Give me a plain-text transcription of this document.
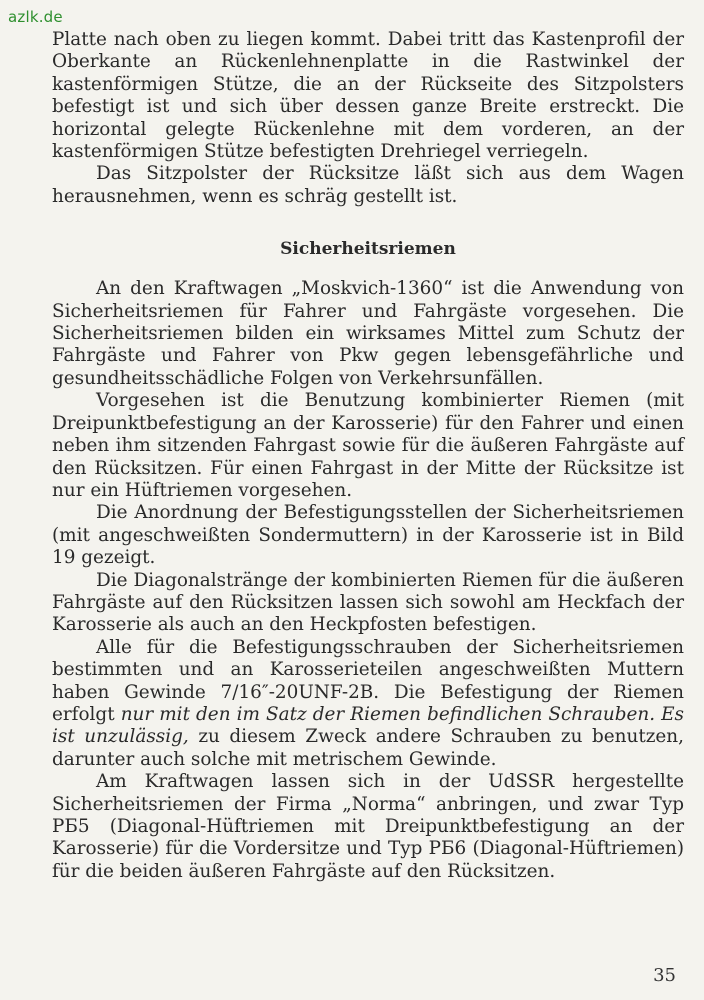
azlk.de

Platte nach oben zu liegen kommt. Dabei tritt das Kastenprofil der Oberkante an Rückenlehnenplatte in die Rastwinkel der kastenförmigen Stütze, die an der Rückseite des Sitzpolsters befestigt ist und sich über dessen ganze Breite erstreckt. Die horizontal gelegte Rückenlehne mit dem vorderen, an der kastenförmigen Stütze befestigten Drehriegel verriegeln.

Das Sitzpolster der Rücksitze läßt sich aus dem Wagen herausnehmen, wenn es schräg gestellt ist.

Sicherheitsriemen

An den Kraftwagen „Moskvich-1360“ ist die Anwendung von Sicherheitsriemen für Fahrer und Fahrgäste vorgesehen. Die Sicherheitsriemen bilden ein wirksames Mittel zum Schutz der Fahrgäste und Fahrer von Pkw gegen lebensgefährliche und gesundheitsschädliche Folgen von Verkehrsunfällen.

Vorgesehen ist die Benutzung kombinierter Riemen (mit Dreipunktbefestigung an der Karosserie) für den Fahrer und einen neben ihm sitzenden Fahrgast sowie für die äußeren Fahrgäste auf den Rücksitzen. Für einen Fahrgast in der Mitte der Rücksitze ist nur ein Hüftriemen vorgesehen.

Die Anordnung der Befestigungsstellen der Sicherheitsriemen (mit angeschweißten Sondermuttern) in der Karosserie ist in Bild 19 gezeigt.

Die Diagonalstränge der kombinierten Riemen für die äußeren Fahrgäste auf den Rücksitzen lassen sich sowohl am Heckfach der Karosserie als auch an den Heckpfosten befestigen.

Alle für die Befestigungsschrauben der Sicherheitsriemen bestimmten und an Karosserieteilen angeschweißten Muttern haben Gewinde 7/16″-20UNF-2B. Die Befestigung der Riemen erfolgt nur mit den im Satz der Riemen befindlichen Schrauben. Es ist unzulässig, zu diesem Zweck andere Schrauben zu benutzen, darunter auch solche mit metrischem Gewinde.

Am Kraftwagen lassen sich in der UdSSR hergestellte Sicherheitsriemen der Firma „Norma“ anbringen, und zwar Typ РБ5 (Diagonal-Hüftriemen mit Dreipunktbefestigung an der Karosserie) für die Vordersitze und Typ РБ6 (Diagonal-Hüftriemen) für die beiden äußeren Fahrgäste auf den Rücksitzen.

35
